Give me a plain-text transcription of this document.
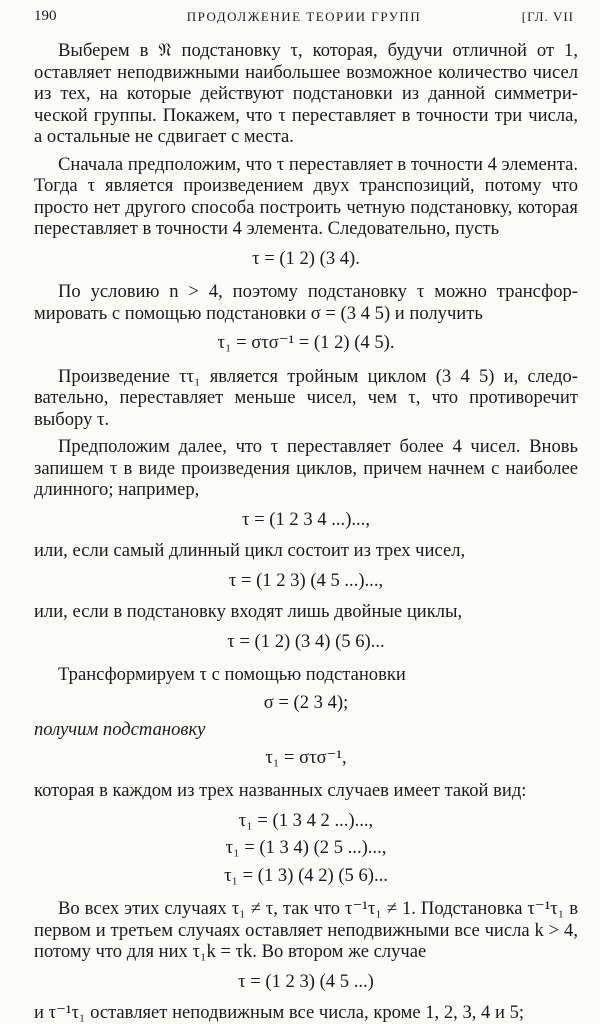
190	ПРОДОЛЖЕНИЕ ТЕОРИИ ГРУПП	[ГЛ. VII

Выберем в 𝔑 подстановку τ, которая, будучи отличной от 1, оставляет неподвижными наибольшее возможное количество чисел из тех, на которые действуют подстановки из данной симметрической группы. Покажем, что τ переставляет в точности три числа, а остальные не сдвигает с места.

Сначала предположим, что τ переставляет в точности 4 элемента. Тогда τ является произведением двух транспозиций, потому что просто нет другого способа построить четную подстановку, которая переставляет в точности 4 элемента. Следовательно, пусть

τ = (1 2) (3 4).

По условию n > 4, поэтому подстановку τ можно трансформировать с помощью подстановки σ = (3 4 5) и получить

τ₁ = στσ⁻¹ = (1 2) (4 5).

Произведение ττ₁ является тройным циклом (3 4 5) и, следовательно, переставляет меньше чисел, чем τ, что противоречит выбору τ.

Предположим далее, что τ переставляет более 4 чисел. Вновь запишем τ в виде произведения циклов, причем начнем с наиболее длинного; например,

τ = (1 2 3 4 ...)...,

или, если самый длинный цикл состоит из трех чисел,

τ = (1 2 3) (4 5 ...)...,

или, если в подстановку входят лишь двойные циклы,

τ = (1 2) (3 4) (5 6)...

Трансформируем τ с помощью подстановки

σ = (2 3 4);

получим подстановку

τ₁ = στσ⁻¹,

которая в каждом из трех названных случаев имеет такой вид:

τ₁ = (1 3 4 2 ...)...,
τ₁ = (1 3 4) (2 5 ...)...,
τ₁ = (1 3) (4 2) (5 6)...

Во всех этих случаях τ₁ ≠ τ, так что τ⁻¹τ₁ ≠ 1. Подстановка τ⁻¹τ₁ в первом и третьем случаях оставляет неподвижными все числа k > 4, потому что для них τ₁k = τk. Во втором же случае

τ = (1 2 3) (4 5 ...)

и τ⁻¹τ₁ оставляет неподвижным все числа, кроме 1, 2, 3, 4 и 5;
